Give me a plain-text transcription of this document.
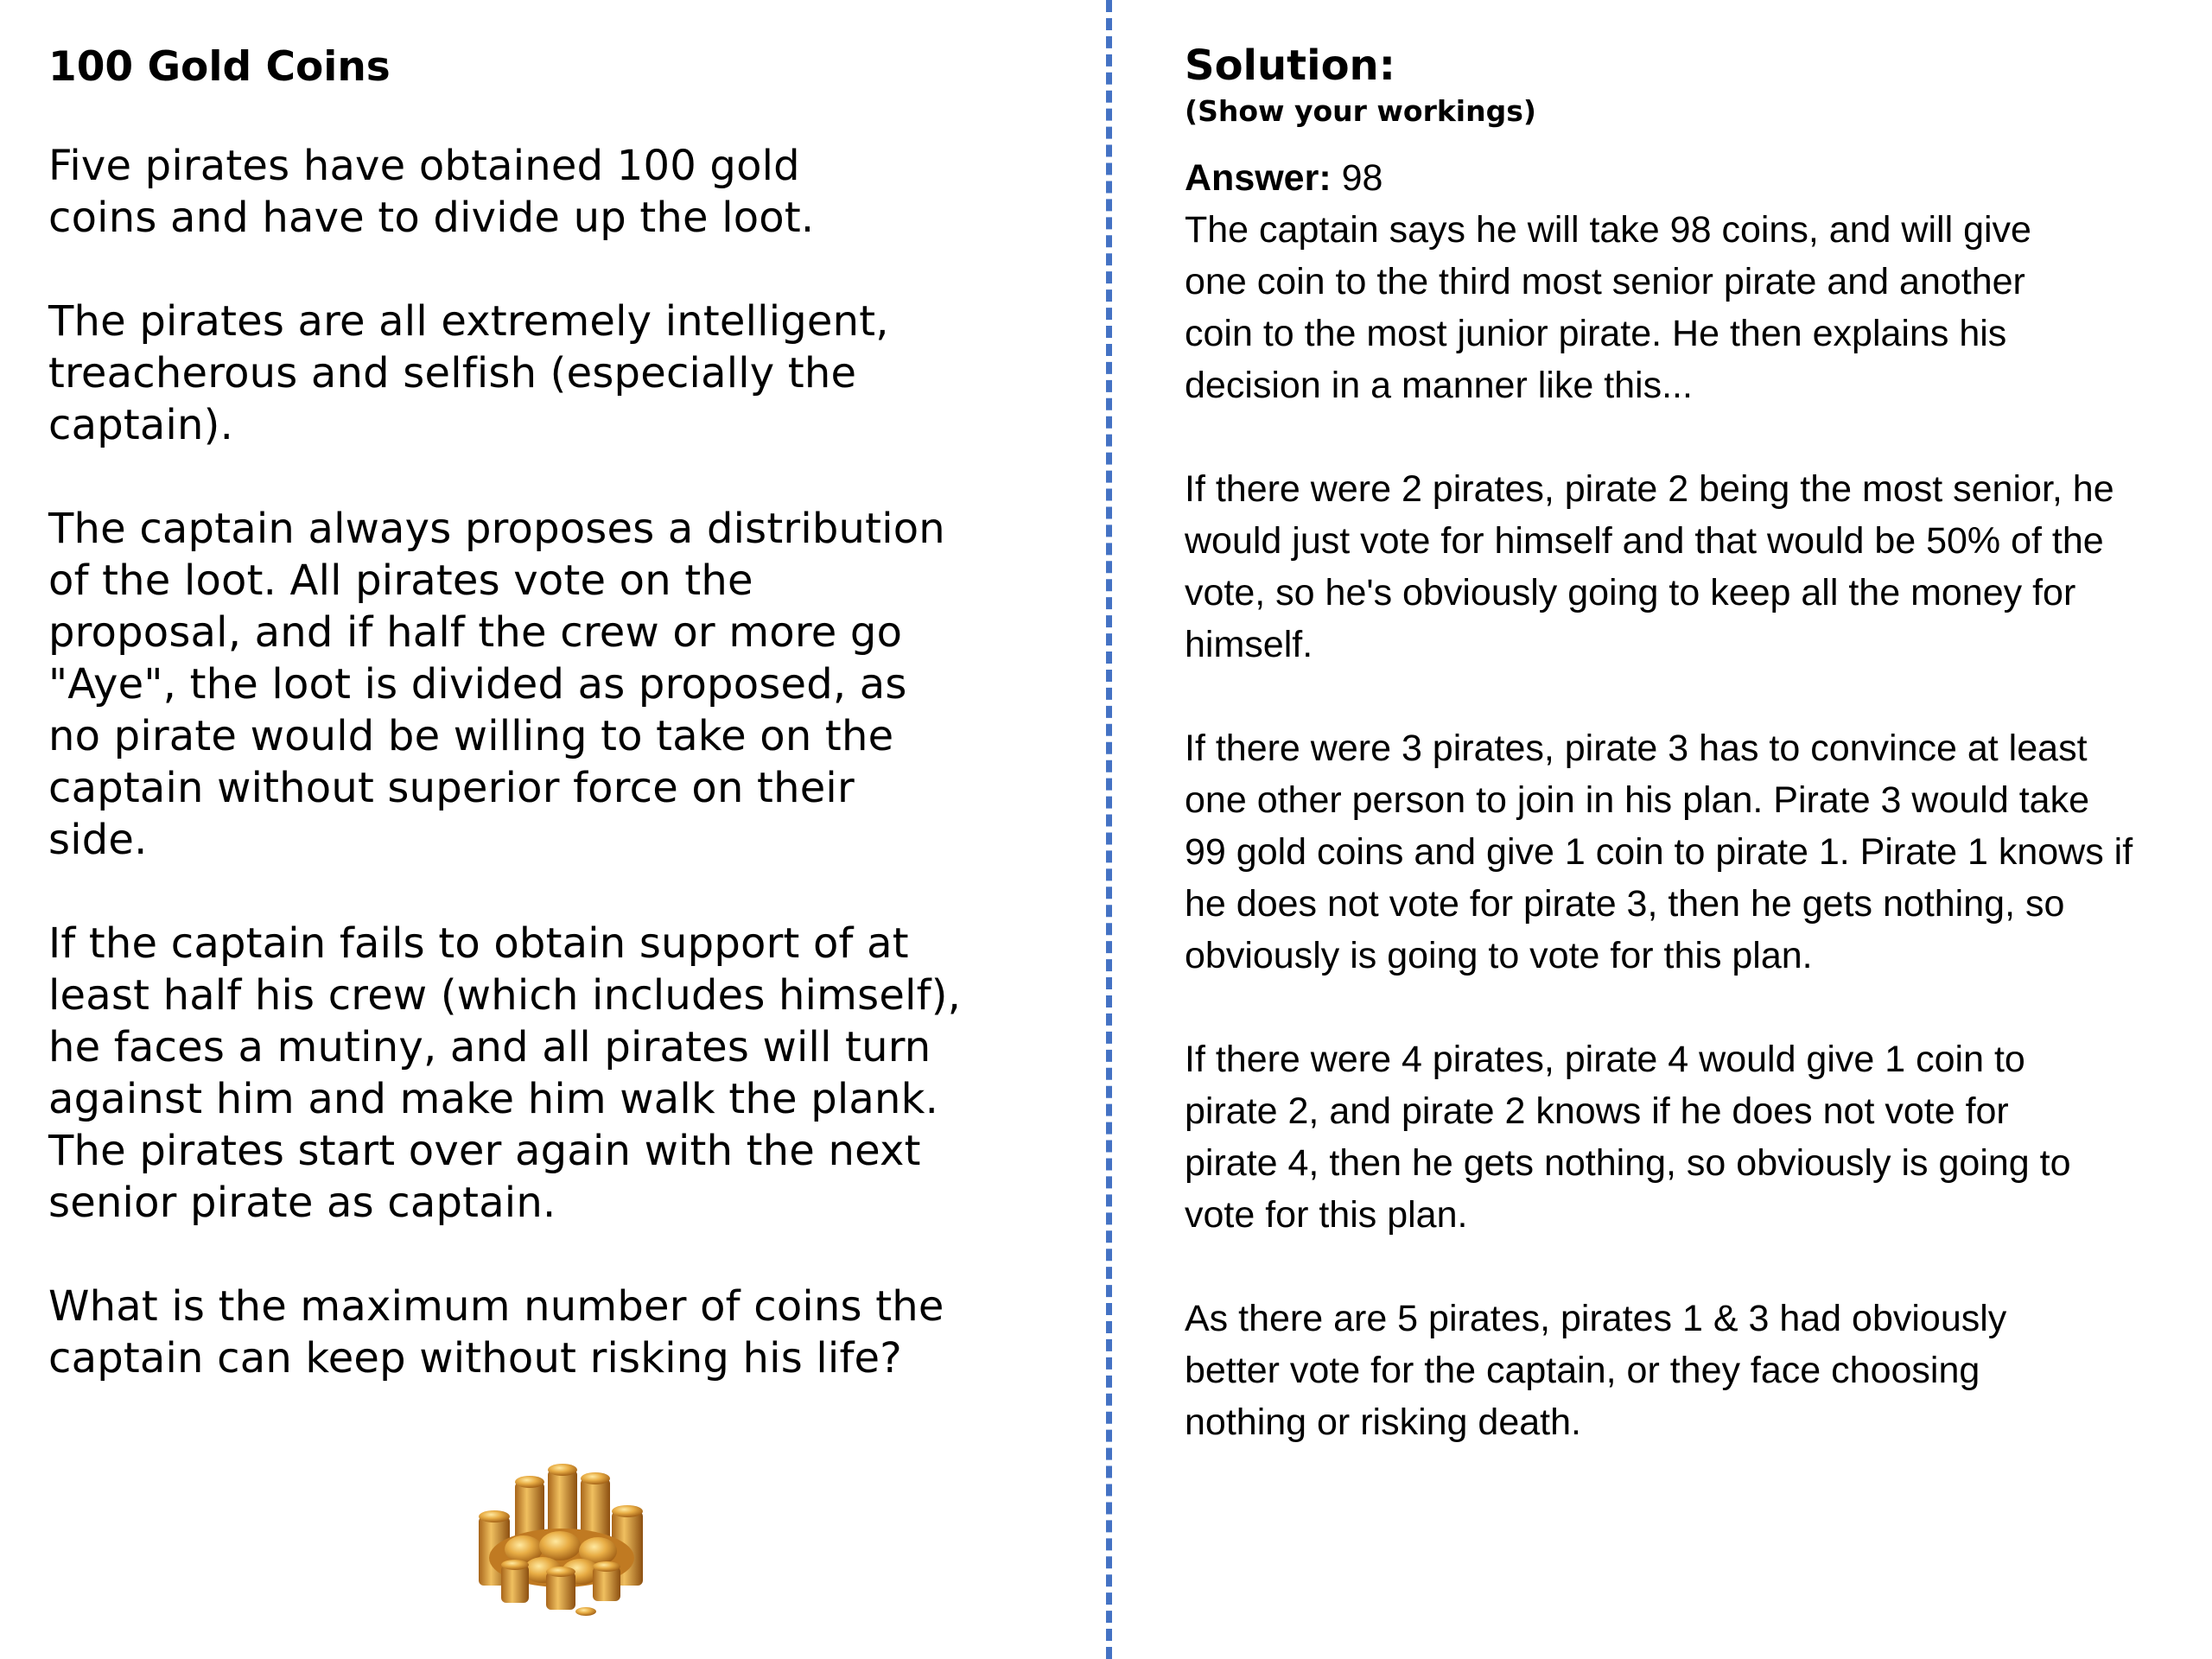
100 Gold Coins

Five pirates have obtained 100 gold coins and have to divide up the loot.

The pirates are all extremely intelligent, treacherous and selfish (especially the captain).

The captain always proposes a distribution of the loot. All pirates vote on the proposal, and if half the crew or more go "Aye", the loot is divided as proposed, as no pirate would be willing to take on the captain without superior force on their side.

If the captain fails to obtain support of at least half his crew (which includes himself), he faces a mutiny, and all pirates will turn against him and make him walk the plank. The pirates start over again with the next senior pirate as captain.

What is the maximum number of coins the captain can keep without risking his life?

Solution:
(Show your workings)
Answer: 98

The captain says he will take 98 coins, and will give one coin to the third most senior pirate and another coin to the most junior pirate. He then explains his decision in a manner like this...

If there were 2 pirates, pirate 2 being the most senior, he would just vote for himself and that would be 50% of the vote, so he's obviously going to keep all the money for himself.

If there were 3 pirates, pirate 3 has to convince at least one other person to join in his plan. Pirate 3 would take 99 gold coins and give 1 coin to pirate 1. Pirate 1 knows if he does not vote for pirate 3, then he gets nothing, so obviously is going to vote for this plan.

If there were 4 pirates, pirate 4 would give 1 coin to pirate 2, and pirate 2 knows if he does not vote for pirate 4, then he gets nothing, so obviously is going to vote for this plan.

As there are 5 pirates, pirates 1 & 3 had obviously better vote for the captain, or they face choosing nothing or risking death.
